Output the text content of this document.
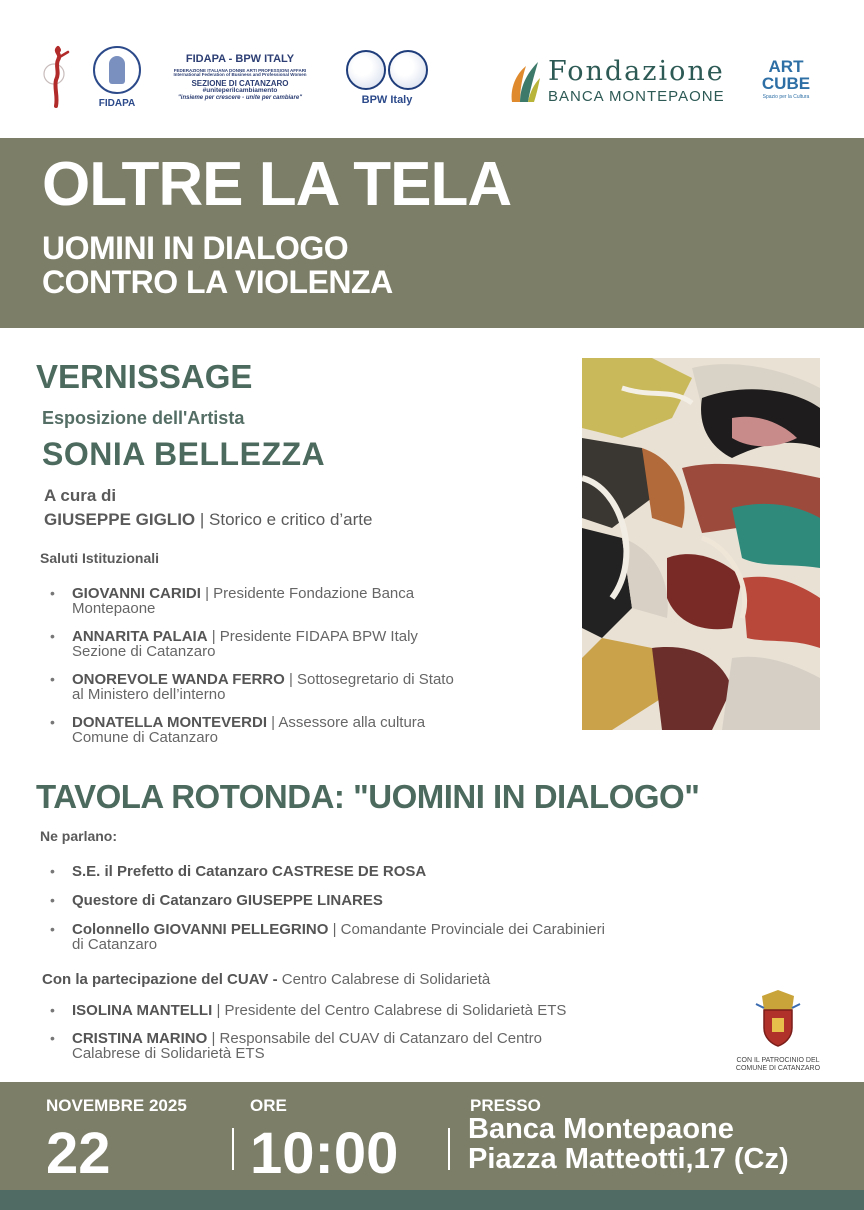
FIDAPA
FIDAPA - BPW ITALY
FEDERAZIONE ITALIANA DONNE ARTI PROFESSIONI AFFARI
International Federation of Business and Professional Women
SEZIONE DI CATANZARO
#uniteperilcambiamento
"insieme per crescere - unite per cambiare"	BPW Italy
Fondazione
BANCA MONTEPAONE
ART
CUBE
Spazio per la Cultura
OLTRE LA TELA
UOMINI IN DIALOGO
CONTRO LA VIOLENZA
VERNISSAGE
Esposizione dell'Artista
SONIA BELLEZZA
A cura di
GIUSEPPE GIGLIO | Storico e critico d’arte
Saluti Istituzionali
• GIOVANNI CARIDI | Presidente Fondazione Banca
Montepaone
• ANNARITA PALAIA | Presidente FIDAPA BPW Italy
Sezione di Catanzaro
• ONOREVOLE WANDA FERRO | Sottosegretario di Stato
al Ministero dell’interno
• DONATELLA MONTEVERDI | Assessore alla cultura
Comune di Catanzaro
TAVOLA ROTONDA: "UOMINI IN DIALOGO"
Ne parlano:
• S.E. il Prefetto di Catanzaro CASTRESE DE ROSA
• Questore di Catanzaro GIUSEPPE LINARES
• Colonnello GIOVANNI PELLEGRINO | Comandante Provinciale dei Carabinieri
di Catanzaro
Con la partecipazione del CUAV - Centro Calabrese di Solidarietà
• ISOLINA MANTELLI | Presidente del Centro Calabrese di Solidarietà ETS
• CRISTINA MARINO | Responsabile del CUAV di Catanzaro del Centro
Calabrese di Solidarietà ETS	CON IL PATROCINIO DEL
COMUNE DI CATANZARO
NOVEMBRE 2025
22
ORE
10:00
PRESSO
Banca Montepaone
Piazza Matteotti,17 (Cz)
